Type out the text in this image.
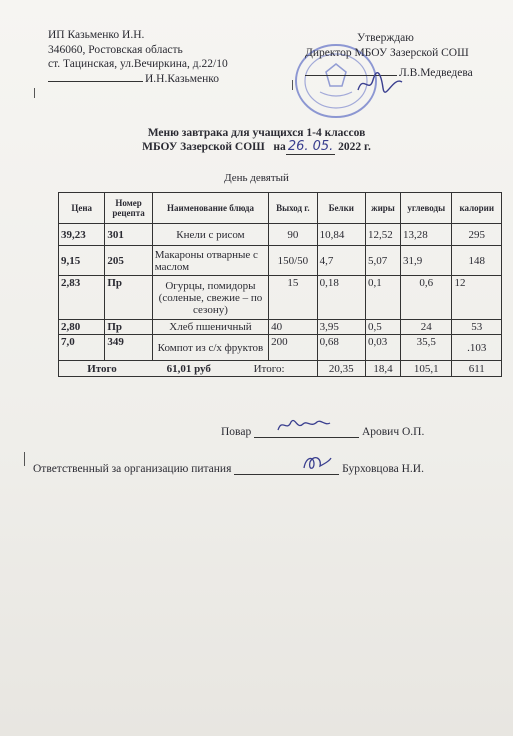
ИП Казьменко И.Н.
346060, Ростовская область
ст. Тацинская, ул.Вечиркина, д.22/10
И.Н.Казьменко
Утверждаю
Директор МБОУ Зазерской СОШ
Л.В.Медведева
Меню завтрака для учащихся 1-4 классов
МБОУ Зазерской СОШ на 26. 05. 2022 г.
День девятый
Цена	Номер рецепта	Наименование блюда	Выход г.	Белки	жиры	углеводы	калории
39,23	301	Кнели с рисом	90	10,84	12,52	13,28	295
9,15	205	Макароны отварные с маслом	150/50	4,7	5,07	31,9	148
2,83	Пр	Огурцы, помидоры (соленые, свежие – по сезону)	15	0,18	0,1	0,6	12
2,80	Пр	Хлеб пшеничный	40	3,95	0,5	24	53
7,0	349	Компот из с/х фруктов	200	0,68	0,03	35,5	.103
Итого 61,01 руб Итого:				20,35	18,4	105,1	611
Повар	Арович О.П.
Ответственный за организацию питания	Бурховцова Н.И.
